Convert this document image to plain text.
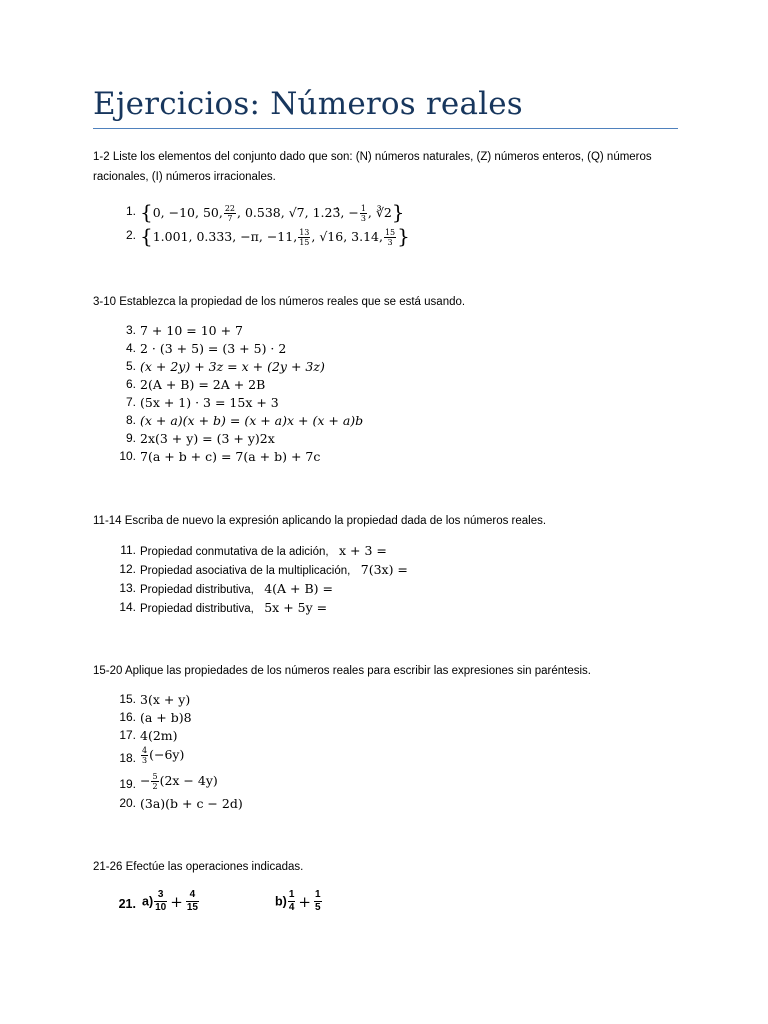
Ejercicios: Números reales
1-2 Liste los elementos del conjunto dado que son: (N) números naturales, (Z) números enteros, (Q) números racionales, (I) números irracionales.
1. {0, −10, 50, $\frac{22}{7}$ , 0.538, √7, 1.23̂, − $\frac{1}{3}$ , ∛2}
2. {1.001, 0.333, −π, −11, $\frac{13}{15}$ , √16, 3.14, $\frac{15}{3}$ }
3-10 Establezca la propiedad de los números reales que se está usando.
3. 7 + 10 = 10 + 7
4. 2 · (3 + 5) = (3 + 5) · 2
5. (x + 2y) + 3z = x + (2y + 3z)
6. 2(A + B) = 2A + 2B
7. (5x + 1) · 3 = 15x + 3
8. (x + a)(x + b) = (x + a)x + (x + a)b
9. 2x(3 + y) = (3 + y)2x
10. 7(a + b + c) = 7(a + b) + 7c
11-14 Escriba de nuevo la expresión aplicando la propiedad dada de los números reales.
11. Propiedad conmutativa de la adición, x + 3 =
12. Propiedad asociativa de la multiplicación, 7(3x) =
13. Propiedad distributiva, 4(A + B) =
14. Propiedad distributiva, 5x + 5y =
15-20 Aplique las propiedades de los números reales para escribir las expresiones sin paréntesis.
15. 3(x + y)
16. (a + b)8
17. 4(2m)
18. $\frac{4}{3} (-6y)$
19. − $\frac{5}{2} (2x - 4y)$
20. (3a)(b + c − 2d)
21-26 Efectúe las operaciones indicadas.
21. $a) \frac{3}{10} + \frac{4}{15}$	$b) \frac{1}{4} + \frac{1}{5}$
